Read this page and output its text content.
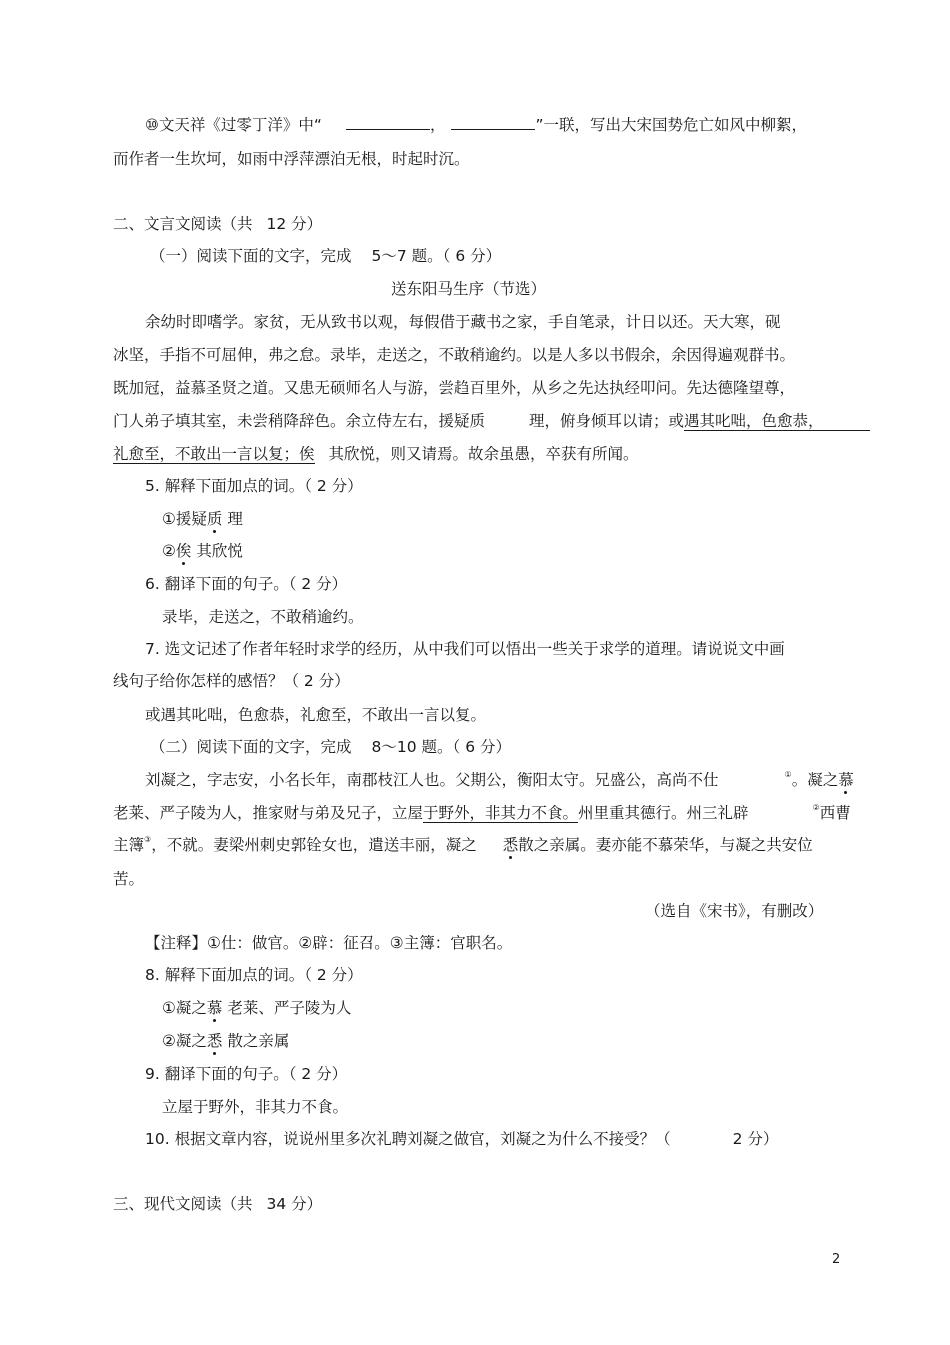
⑩文天祥《过零丁洋》中“	，	”一联，写出大宋国势危亡如风中柳絮，
而作者一生坎坷，如雨中浮萍漂泊无根，时起时沉。
二、文言文阅读（共 12 分）
（一）阅读下面的文字，完成 5～7 题。（ 6 分）
送东阳马生序（节选）
余幼时即嗜学。家贫，无从致书以观，每假借于藏书之家，手自笔录，计日以还。天大寒，砚
冰坚，手指不可屈伸，弗之怠。录毕，走送之，不敢稍逾约。以是人多以书假余，余因得遍观群书。
既加冠，益慕圣贤之道。又患无硕师名人与游，尝趋百里外，从乡之先达执经叩问。先达德隆望尊，
门人弟子填其室，未尝稍降辞色。余立侍左右，援疑质	理，俯身倾耳以请；或遇其叱咄，色愈恭，
礼愈至，不敢出一言以复；俟 其欣悦，则又请焉。故余虽愚，卒获有所闻。
5. 解释下面加点的词。（ 2 分）
①援疑质 理
②俟 其欣悦
6. 翻译下面的句子。（ 2 分）
录毕，走送之，不敢稍逾约。
7. 选文记述了作者年轻时求学的经历，从中我们可以悟出一些关于求学的道理。请说说文中画
线句子给你怎样的感悟？（ 2 分）
或遇其叱咄，色愈恭，礼愈至，不敢出一言以复。
（二）阅读下面的文字，完成 8～10 题。（ 6 分）
刘凝之，字志安，小名长年，南郡枝江人也。父期公，衡阳太守。兄盛公，高尚不仕	①。凝之慕
老莱、严子陵为人，推家财与弟及兄子，立屋于野外，非其力不食。州里重其德行。州三礼辟	②西曹
主簿③，不就。妻梁州刺史郭铨女也，遣送丰丽，凝之 悉散之亲属。妻亦能不慕荣华，与凝之共安位
苦。
（选自《宋书》，有删改）
【注释】①仕：做官。②辟：征召。③主簿：官职名。
8. 解释下面加点的词。（ 2 分）
①凝之慕 老莱、严子陵为人
②凝之悉 散之亲属
9. 翻译下面的句子。（ 2 分）
立屋于野外，非其力不食。
10. 根据文章内容，说说州里多次礼聘刘凝之做官，刘凝之为什么不接受？（	2 分）
三、现代文阅读（共 34 分）
2
